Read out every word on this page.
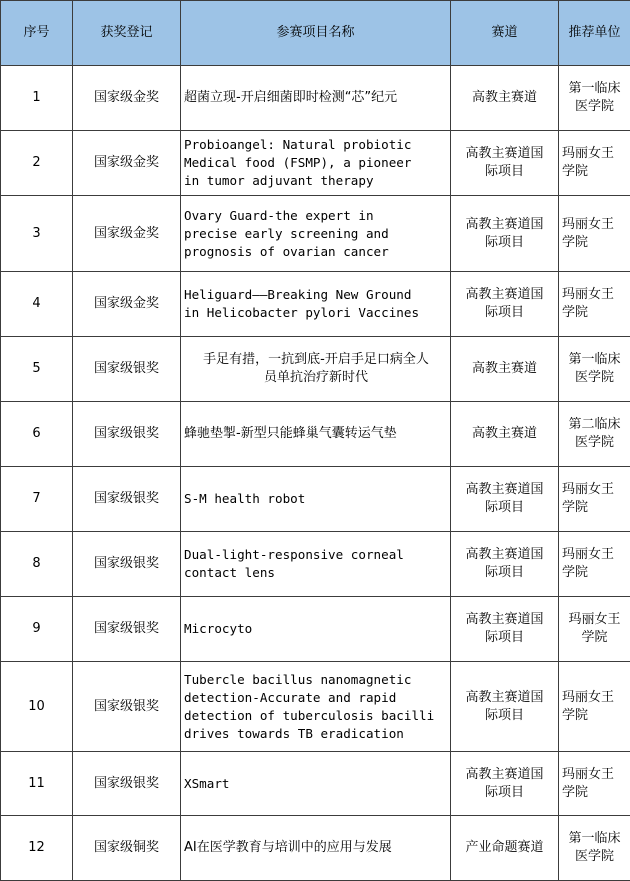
序号	获奖登记	参赛项目名称	赛道	推荐单位
1	国家级金奖	超菌立现-开启细菌即时检测“芯”纪元	高教主赛道	第一临床
医学院
2	国家级金奖	Probioangel: Natural probiotic
Medical food (FSMP), a pioneer
in tumor adjuvant therapy	高教主赛道国
际项目	玛丽女王
学院
3	国家级金奖	Ovary Guard-the expert in
precise early screening and
prognosis of ovarian cancer	高教主赛道国
际项目	玛丽女王
学院
4	国家级金奖	Heliguard——Breaking New Ground
in Helicobacter pylori Vaccines	高教主赛道国
际项目	玛丽女王
学院
5	国家级银奖	手足有措，一抗到底-开启手足口病全人
员单抗治疗新时代	高教主赛道	第一临床
医学院
6	国家级银奖	蜂驰垫掣-新型只能蜂巢气囊转运气垫	高教主赛道	第二临床
医学院
7	国家级银奖	S-M health robot	高教主赛道国
际项目	玛丽女王
学院
8	国家级银奖	Dual-light-responsive corneal
contact lens	高教主赛道国
际项目	玛丽女王
学院
9	国家级银奖	Microcyto	高教主赛道国
际项目	玛丽女王
学院
10	国家级银奖	Tubercle bacillus nanomagnetic
detection-Accurate and rapid
detection of tuberculosis bacilli
drives towards TB eradication	高教主赛道国
际项目	玛丽女王
学院
11	国家级银奖	XSmart	高教主赛道国
际项目	玛丽女王
学院
12	国家级铜奖	AI在医学教育与培训中的应用与发展	产业命题赛道	第一临床
医学院
